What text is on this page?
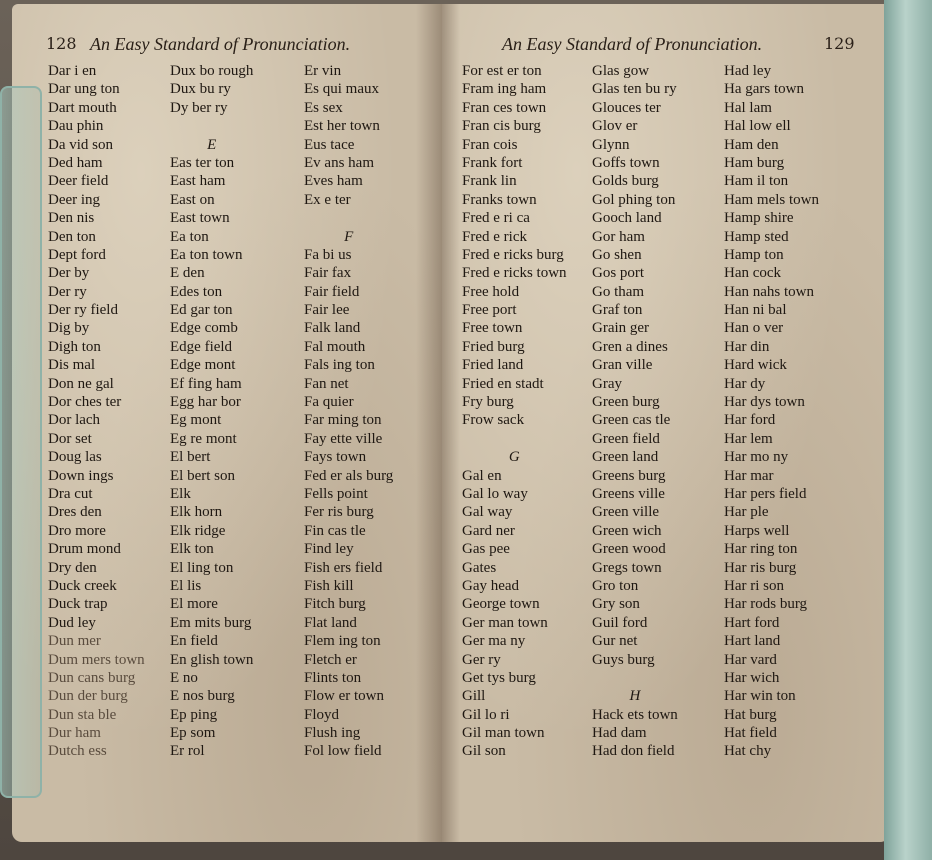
128 An Easy Standard of Pronunciation.
Dar i en
Dar ung ton
Dart mouth
Dau phin
Da vid son
Ded ham
Deer field
Deer ing
Den nis
Den ton
Dept ford
Der by
Der ry
Der ry field
Dig by
Digh ton
Dis mal
Don ne gal
Dor ches ter
Dor lach
Dor set
Doug las
Down ings
Dra cut
Dres den
Dro more
Drum mond
Dry den
Duck creek
Duck trap
Dud ley
Dun mer
Dum mers town
Dun cans burg
Dun der burg
Dun sta ble
Dur ham
Dutch ess
Dux bo rough
Dux bu ry
Dy ber ry
E
Eas ter ton
East ham
East on
East town
Ea ton
Ea ton town
E den
Edes ton
Ed gar ton
Edge comb
Edge field
Edge mont
Ef fing ham
Egg har bor
Eg mont
Eg re mont
El bert
El bert son
Elk
Elk horn
Elk ridge
Elk ton
El ling ton
El lis
El more
Em mits burg
En field
En glish town
E no
E nos burg
Ep ping
Ep som
Er rol
Er vin
Es qui maux
Es sex
Est her town
Eus tace
Ev ans ham
Eves ham
Ex e ter
F
Fa bi us
Fair fax
Fair field
Fair lee
Falk land
Fal mouth
Fals ing ton
Fan net
Fa quier
Far ming ton
Fay ette ville
Fays town
Fed er als burg
Fells point
Fer ris burg
Fin cas tle
Find ley
Fish ers field
Fish kill
Fitch burg
Flat land
Flem ing ton
Fletch er
Flints ton
Flow er town
Floyd
Flush ing
Fol low field
An Easy Standard of Pronunciation.	129
For est er ton
Fram ing ham
Fran ces town
Fran cis burg
Fran cois
Frank fort
Frank lin
Franks town
Fred e ri ca
Fred e rick
Fred e ricks burg
Fred e ricks town
Free hold
Free port
Free town
Fried burg
Fried land
Fried en stadt
Fry burg
Frow sack
G
Gal en
Gal lo way
Gal way
Gard ner
Gas pee
Gates
Gay head
George town
Ger man town
Ger ma ny
Ger ry
Get tys burg
Gill
Gil lo ri
Gil man town
Gil son
Glas gow
Glas ten bu ry
Glouces ter
Glov er
Glynn
Goffs town
Golds burg
Gol phing ton
Gooch land
Gor ham
Go shen
Gos port
Go tham
Graf ton
Grain ger
Gren a dines
Gran ville
Gray
Green burg
Green cas tle
Green field
Green land
Greens burg
Greens ville
Green ville
Green wich
Green wood
Gregs town
Gro ton
Gry son
Guil ford
Gur net
Guys burg
H
Hack ets town
Had dam
Had don field
Had ley
Ha gars town
Hal lam
Hal low ell
Ham den
Ham burg
Ham il ton
Ham mels town
Hamp shire
Hamp sted
Hamp ton
Han cock
Han nahs town
Han ni bal
Han o ver
Har din
Hard wick
Har dy
Har dys town
Har ford
Har lem
Har mo ny
Har mar
Har pers field
Har ple
Harps well
Har ring ton
Har ris burg
Har ri son
Har rods burg
Hart ford
Hart land
Har vard
Har wich
Har win ton
Hat burg
Hat field
Hat chy
